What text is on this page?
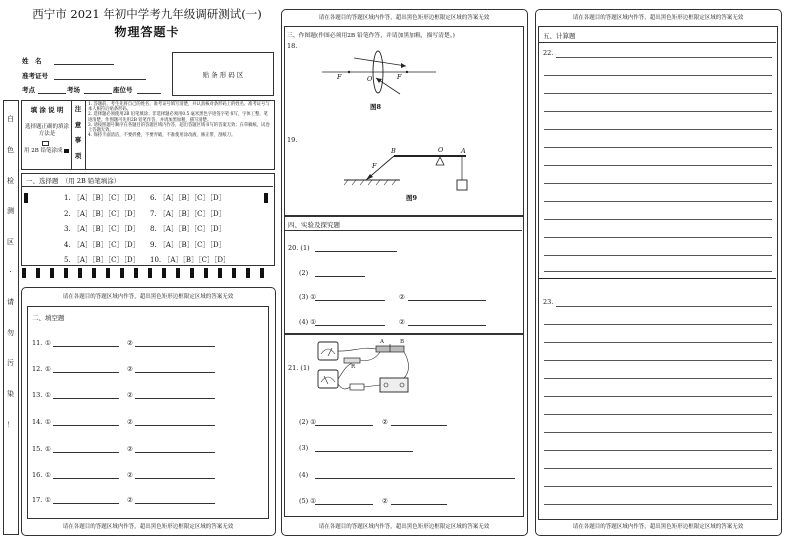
西宁市 2021 年初中学考九年级调研测试(一)
物理答题卡
姓　名
准考证号
考点	考场	座位号
贴 条 形 码 区
白
色
检
测
区
·
请
勿
污
染
！
填 涂 说 明
选择题正确的填涂方法是
用 2B 铅笔涂成
注
意
事
项
1. 答题前，考生先将自己的姓名、准考证号填写清楚，并认真核对条形码上的姓名、准考证号与本人相符后贴条形码。
2. 选择题必须使用2B 铅笔填涂；非选择题必须用0.5 毫米黑色字迹签字笔书写，字体工整，笔迹清楚。作图题可先用2B 铅笔作答，并请加黑加粗，描写清楚。
3. 请按照题号顺序在各题目的答题区域内作答，超出答题区域书写的答案无效；在草稿纸、试卷上答题无效。
4. 保持卡面清洁，不要折叠，不要弄破，不准使用涂改液、修正带、刮纸刀。
一、选择题　（用 2B 铅笔填涂）
1. ［A］［B］［C］［D］
2. ［A］［B］［C］［D］
3. ［A］［B］［C］［D］
4. ［A］［B］［C］［D］
5. ［A］［B］［C］［D］
6. ［A］［B］［C］［D］
7. ［A］［B］［C］［D］
8. ［A］［B］［C］［D］
9. ［A］［B］［C］［D］
10. ［A］［B］［C］［D］
请在各题目的答题区域内作答，超出黑色矩形边框限定区域的答案无效
二、填空题
11. ①	②
12. ①	②
13. ①	②
14. ①	②
15. ①	②
16. ①	②
17. ①	②
请在各题目的答题区域内作答，超出黑色矩形边框限定区域的答案无效
请在各题目的答题区域内作答，超出黑色矩形边框限定区域的答案无效
三、作图题(作图必须用2B 铅笔作答，并请加黑加粗，描写清楚。)
18.
F	O	F
图8
19.
B	O	A
F
图9
四、实验及探究题
20. (1)
(2)
(3) ①	②
(4) ①	②
21. (1)
A	B
R
(2) ①	②
(3)
(4)
(5) ①	②
请在各题目的答题区域内作答，超出黑色矩形边框限定区域的答案无效
请在各题目的答题区域内作答，超出黑色矩形边框限定区域的答案无效
五、计算题
22.
23.
请在各题目的答题区域内作答，超出黑色矩形边框限定区域的答案无效
